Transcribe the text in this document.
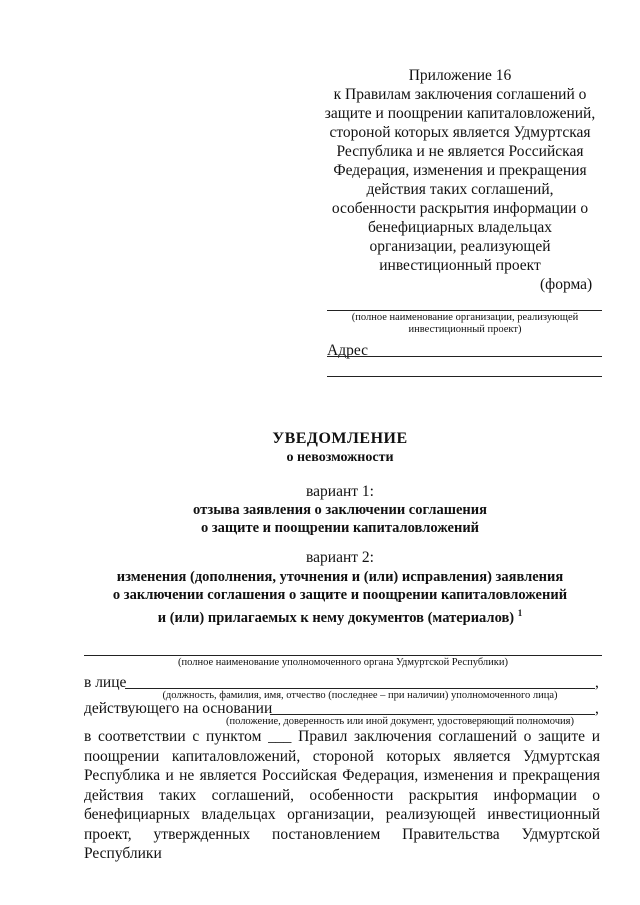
Приложение 16
к Правилам заключения соглашений о
защите и поощрении капиталовложений,
стороной которых является Удмуртская
Республика и не является Российская
Федерация, изменения и прекращения
действия таких соглашений,
особенности раскрытия информации о
бенефициарных владельцах
организации, реализующей
инвестиционный проект
(форма)
(полное наименование организации, реализующей
инвестиционный проект)
Адрес
УВЕДОМЛЕНИЕ
о невозможности
вариант 1:
отзыва заявления о заключении соглашения
о защите и поощрении капиталовложений
вариант 2:
изменения (дополнения, уточнения и (или) исправления) заявления
о заключении соглашения о защите и поощрении капиталовложений
и (или) прилагаемых к нему документов (материалов) $^1$
(полное наименование уполномоченного органа Удмуртской Республики)
в лице	,
(должность, фамилия, имя, отчество (последнее – при наличии) уполномоченного лица)
действующего на основании	,
(положение, доверенность или иной документ, удостоверяющий полномочия)
в соответствии с пунктом ___ Правил заключения соглашений о защите и
поощрении капиталовложений, стороной которых является Удмуртская
Республика и не является Российская Федерация, изменения и прекращения
действия таких соглашений, особенности раскрытия информации о
бенефициарных владельцах организации, реализующей инвестиционный
проект, утвержденных постановлением Правительства Удмуртской Республики
